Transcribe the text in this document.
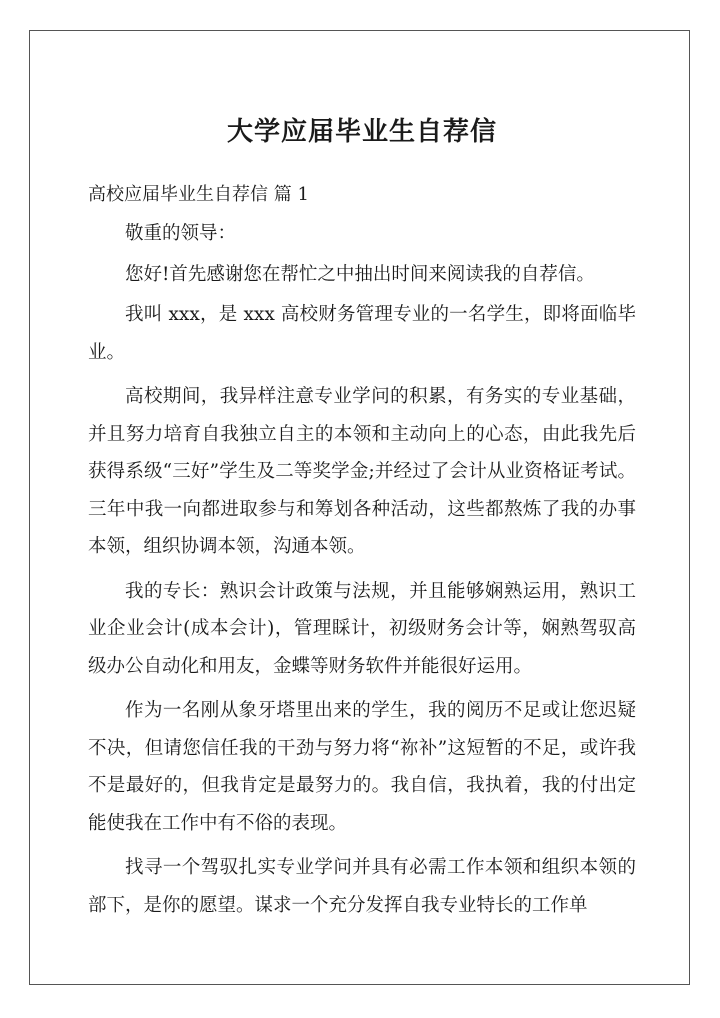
大学应届毕业生自荐信

高校应届毕业生自荐信 篇 1

敬重的领导：

您好!首先感谢您在帮忙之中抽出时间来阅读我的自荐信。

我叫 xxx，是 xxx 高校财务管理专业的一名学生，即将面临毕业。

高校期间，我异样注意专业学问的积累，有务实的专业基础，并且努力培育自我独立自主的本领和主动向上的心态，由此我先后获得系级“三好”学生及二等奖学金;并经过了会计从业资格证考试。三年中我一向都进取参与和筹划各种活动，这些都熬炼了我的办事本领，组织协调本领，沟通本领。

我的专长：熟识会计政策与法规，并且能够娴熟运用，熟识工业企业会计(成本会计)，管理睬计，初级财务会计等，娴熟驾驭高级办公自动化和用友，金蝶等财务软件并能很好运用。

作为一名刚从象牙塔里出来的学生，我的阅历不足或让您迟疑不决，但请您信任我的干劲与努力将“祢补”这短暂的不足，或许我不是最好的，但我肯定是最努力的。我自信，我执着，我的付出定能使我在工作中有不俗的表现。

找寻一个驾驭扎实专业学问并具有必需工作本领和组织本领的部下，是你的愿望。谋求一个充分发挥自我专业特长的工作单
